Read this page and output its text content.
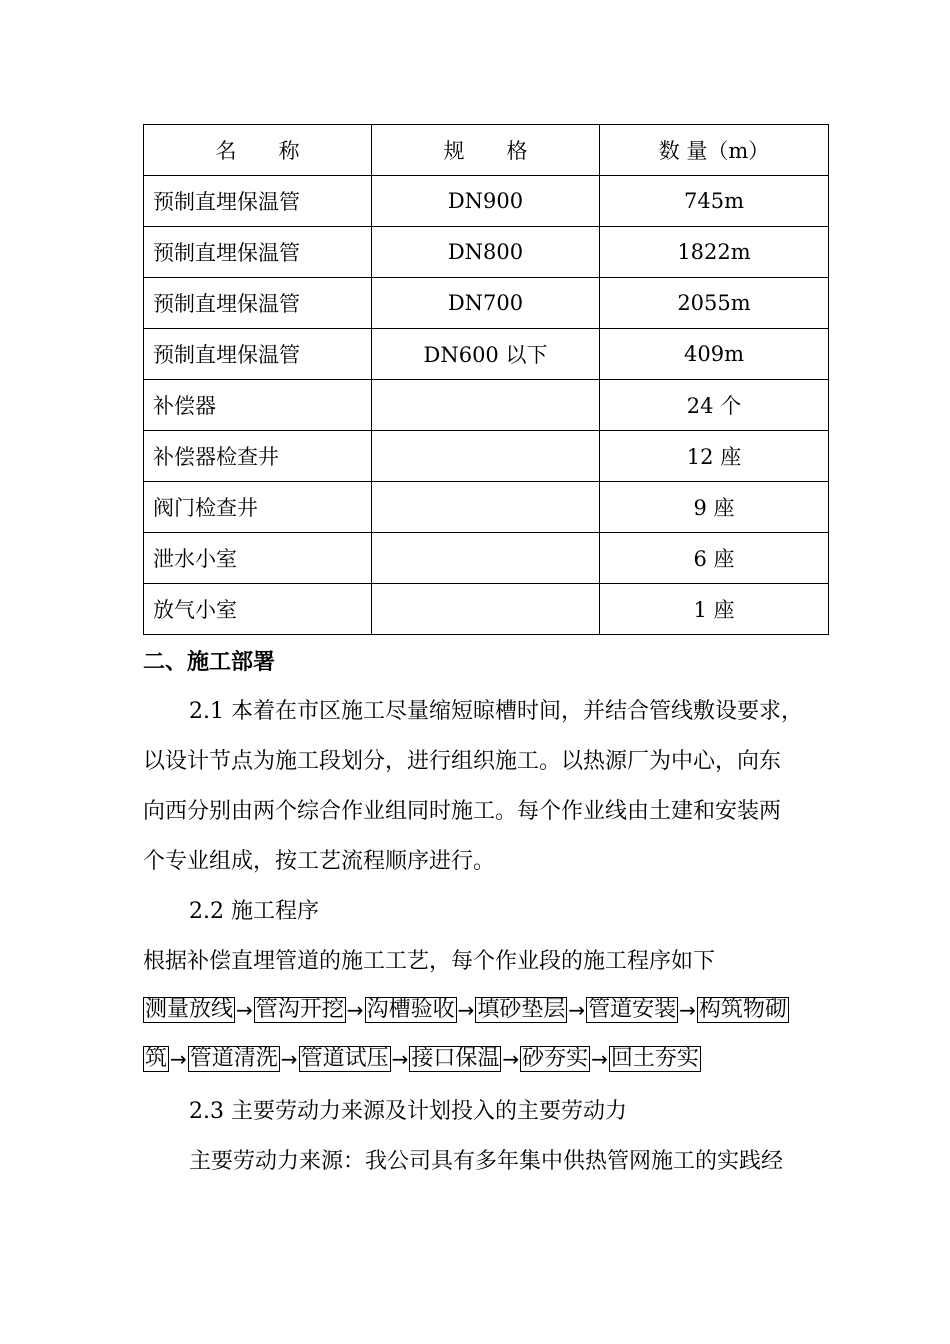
名　　称	规　　格	数 量（m）
预制直埋保温管	DN900	745m
预制直埋保温管	DN800	1822m
预制直埋保温管	DN700	2055m
预制直埋保温管	DN600 以下	409m
补偿器		24 个
补偿器检查井		12 座
阀门检查井		9 座
泄水小室		6 座
放气小室		1 座
二、施工部署
2.1 本着在市区施工尽量缩短晾槽时间，并结合管线敷设要求，
以设计节点为施工段划分，进行组织施工。以热源厂为中心，向东
向西分别由两个综合作业组同时施工。每个作业线由土建和安装两
个专业组成，按工艺流程顺序进行。
2.2 施工程序
根据补偿直埋管道的施工工艺，每个作业段的施工程序如下
测量放线 → 管沟开挖 → 沟槽验收 → 填砂垫层 → 管道安装 → 构筑物砌
筑 → 管道清洗 → 管道试压 → 接口保温 → 砂夯实 → 回土夯实
2.3 主要劳动力来源及计划投入的主要劳动力
主要劳动力来源：我公司具有多年集中供热管网施工的实践经
